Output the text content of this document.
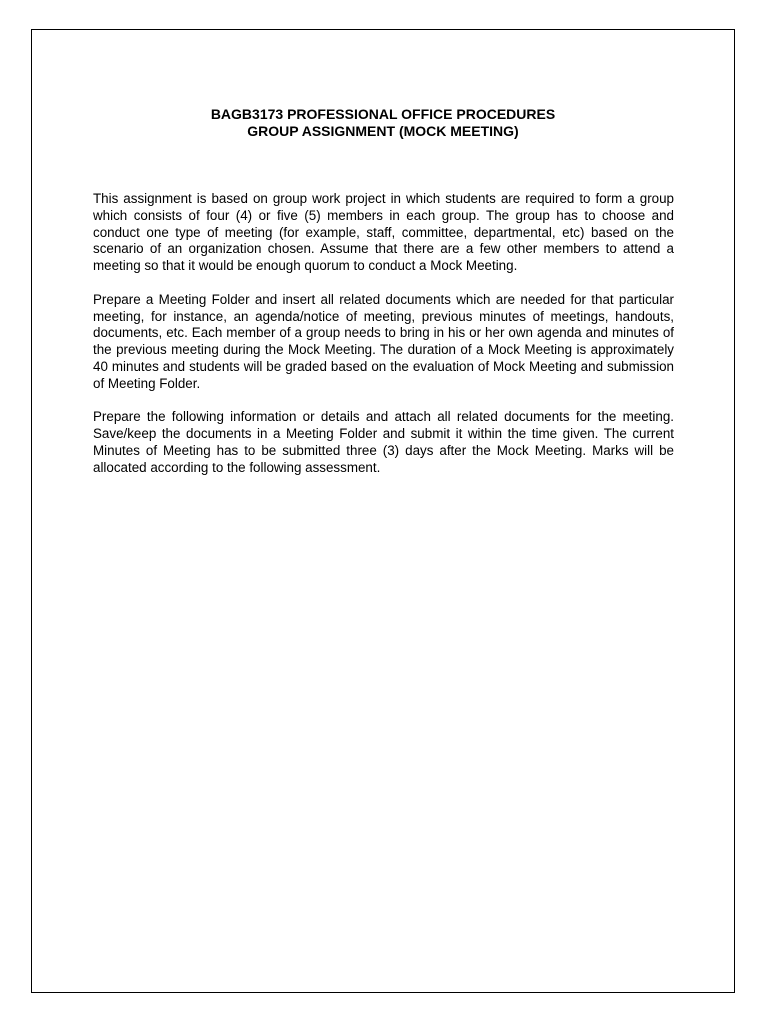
BAGB3173 PROFESSIONAL OFFICE PROCEDURES
GROUP ASSIGNMENT (MOCK MEETING)

This assignment is based on group work project in which students are required to form a group which consists of four (4) or five (5) members in each group. The group has to choose and conduct one type of meeting (for example, staff, committee, departmental, etc) based on the scenario of an organization chosen. Assume that there are a few other members to attend a meeting so that it would be enough quorum to conduct a Mock Meeting.

Prepare a Meeting Folder and insert all related documents which are needed for that particular meeting, for instance, an agenda/notice of meeting, previous minutes of meetings, handouts, documents, etc. Each member of a group needs to bring in his or her own agenda and minutes of the previous meeting during the Mock Meeting. The duration of a Mock Meeting is approximately 40 minutes and students will be graded based on the evaluation of Mock Meeting and submission of Meeting Folder.

Prepare the following information or details and attach all related documents for the meeting. Save/keep the documents in a Meeting Folder and submit it within the time given. The current Minutes of Meeting has to be submitted three (3) days after the Mock Meeting. Marks will be allocated according to the following assessment.
